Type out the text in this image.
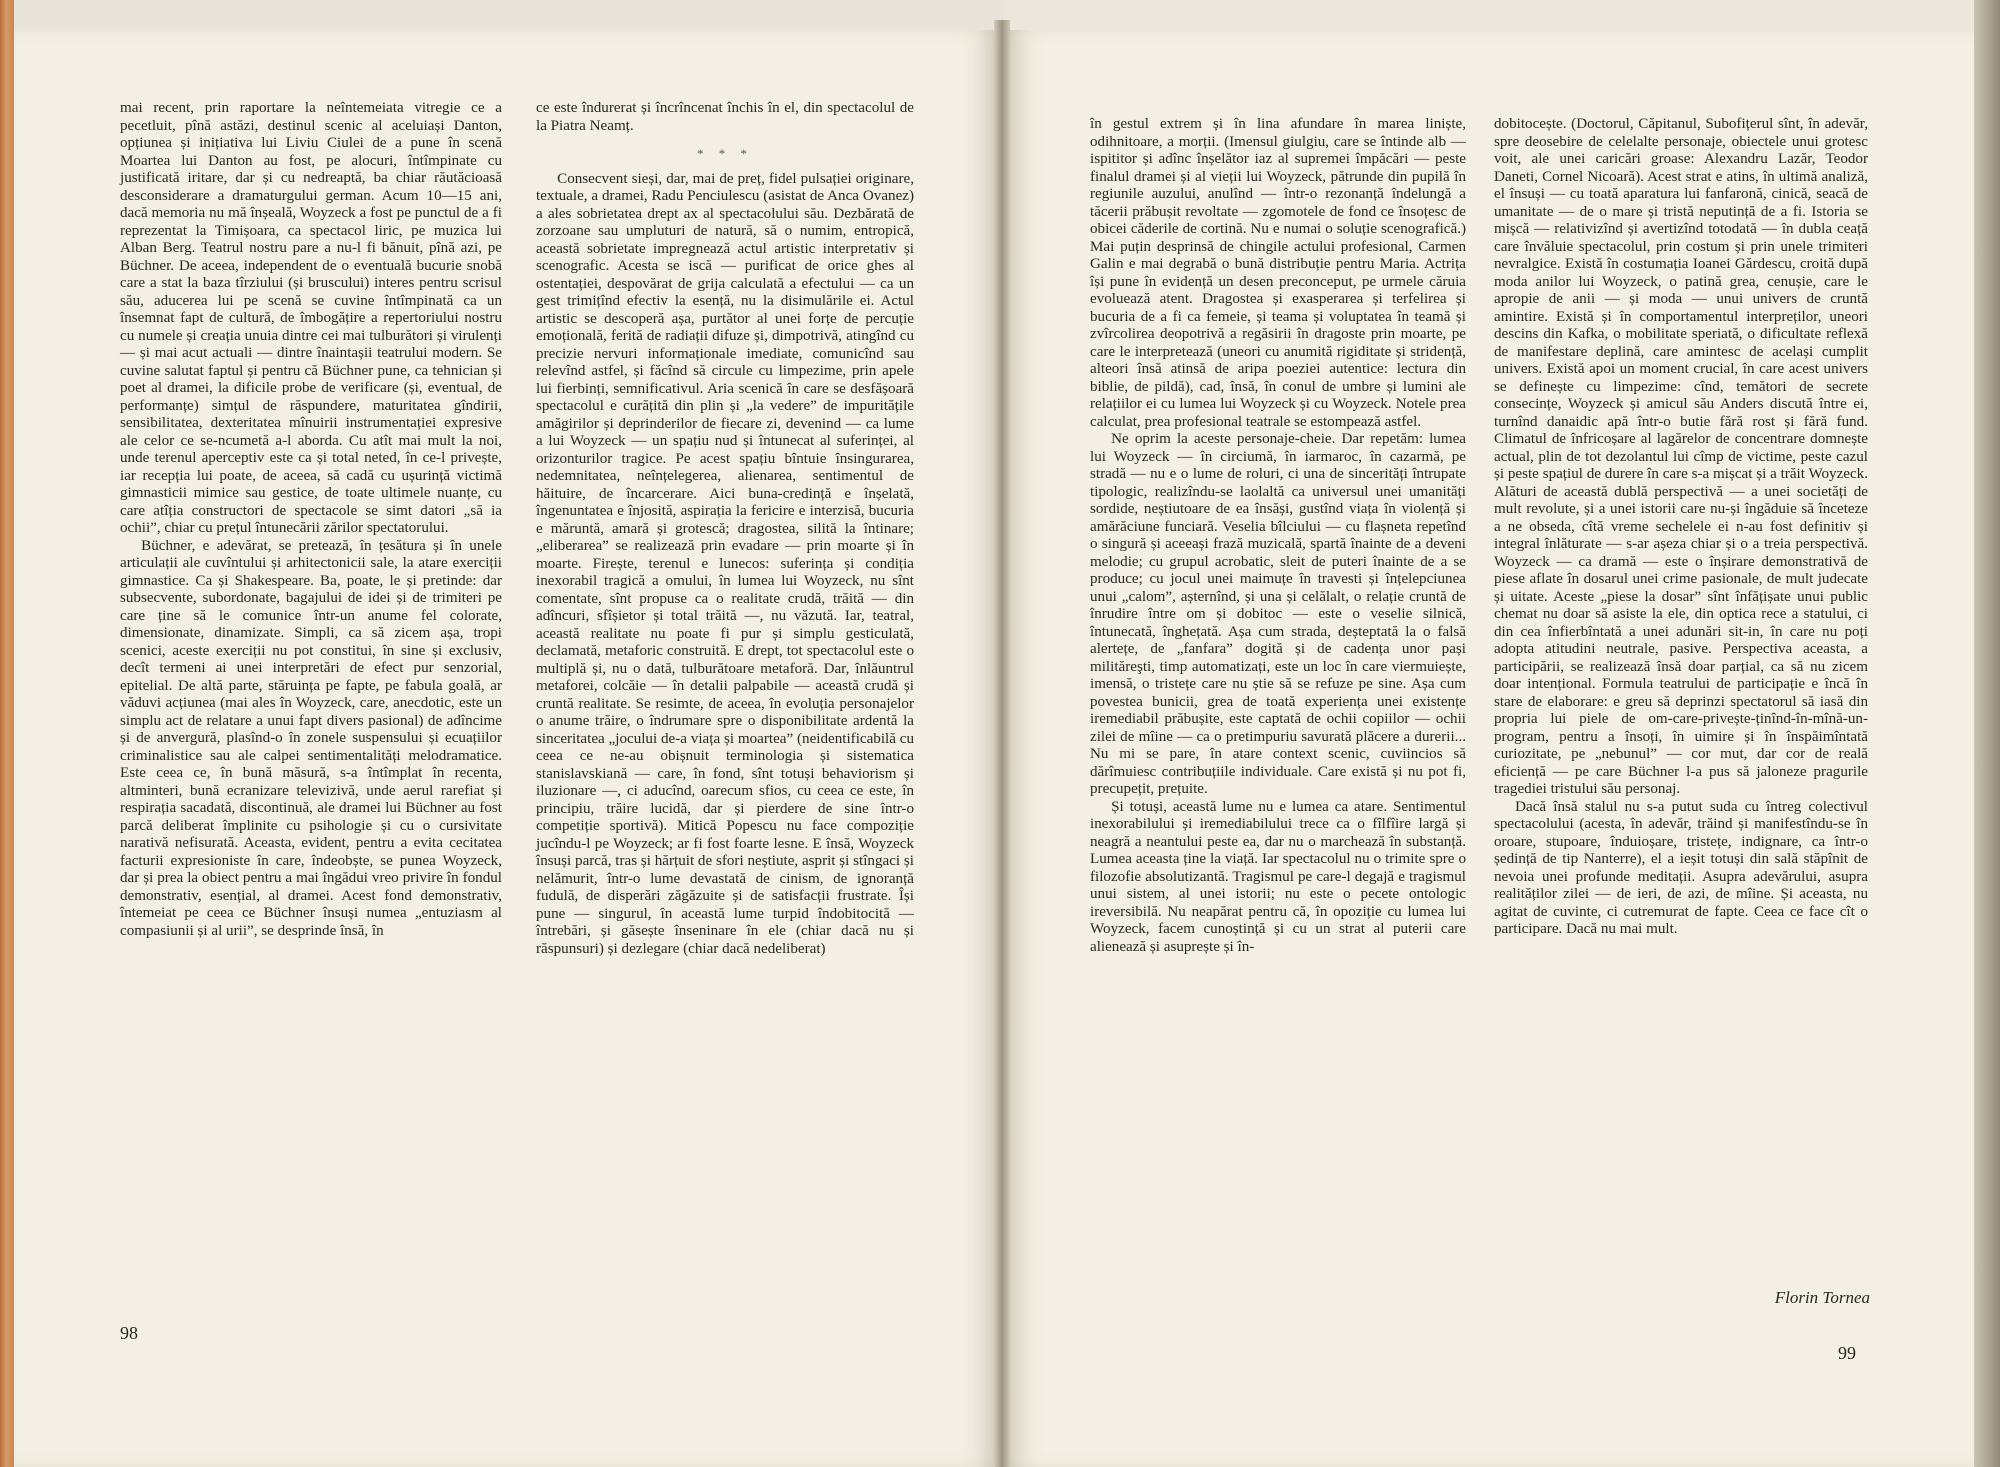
mai recent, prin raportare la neîntemeiata vitregie ce a pecetluit, pînă astăzi, destinul scenic al aceluiași Danton, opțiunea și inițiativa lui Liviu Ciulei de a pune în scenă Moartea lui Danton au fost, pe alocuri, întîmpinate cu justificată iritare, dar și cu nedreaptă, ba chiar răutăcioasă desconsiderare a dramaturgului german. Acum 10—15 ani, dacă memoria nu mă înșeală, Woyzeck a fost pe punctul de a fi reprezentat la Timișoara, ca spectacol liric, pe muzica lui Alban Berg. Teatrul nostru pare a nu-l fi bănuit, pînă azi, pe Büchner. De aceea, independent de o eventuală bucurie snobă care a stat la baza tîrziului (și bruscului) interes pentru scrisul său, aducerea lui pe scenă se cuvine întîmpinată ca un însemnat fapt de cultură, de îmbogățire a repertoriului nostru cu numele și creația unuia dintre cei mai tulburători și virulenți — și mai acut actuali — dintre înaintașii teatrului modern. Se cuvine salutat faptul și pentru că Büchner pune, ca tehnician și poet al dramei, la dificile probe de verificare (și, eventual, de performanțe) simțul de răspundere, maturitatea gîndirii, sensibilitatea, dexteritatea mînuirii instrumentației expresive ale celor ce se-ncumetă a-l aborda. Cu atît mai mult la noi, unde terenul aperceptiv este ca și total neted, în ce-l privește, iar recepția lui poate, de aceea, să cadă cu ușurință victimă gimnasticii mimice sau gestice, de toate ultimele nuanțe, cu care atîția constructori de spectacole se simt datori „să ia ochii”, chiar cu prețul întunecării zărilor spectatorului.

Büchner, e adevărat, se pretează, în țesătura și în unele articulații ale cuvîntului și arhitectonicii sale, la atare exerciții gimnastice. Ca și Shakespeare. Ba, poate, le și pretinde: dar subsecvente, subordonate, bagajului de idei și de trimiteri pe care ține să le comunice într-un anume fel colorate, dimensionate, dinamizate. Simpli, ca să zicem așa, tropi scenici, aceste exerciții nu pot constitui, în sine și exclusiv, decît termeni ai unei interpretări de efect pur senzorial, epitelial. De altă parte, stăruința pe fapte, pe fabula goală, ar văduvi acțiunea (mai ales în Woyzeck, care, anecdotic, este un simplu act de relatare a unui fapt divers pasional) de adîncime și de anvergură, plasînd-o în zonele suspensului și ecuațiilor criminalistice sau ale calpei sentimentalități melodramatice. Este ceea ce, în bună măsură, s-a întîmplat în recenta, altminteri, bună ecranizare televizivă, unde aerul rarefiat și respirația sacadată, discontinuă, ale dramei lui Büchner au fost parcă deliberat împlinite cu psihologie și cu o cursivitate narativă nefisurată. Aceasta, evident, pentru a evita cecitatea facturii expresioniste în care, îndeobște, se punea Woyzeck, dar și prea la obiect pentru a mai îngădui vreo privire în fondul demonstrativ, esențial, al dramei. Acest fond demonstrativ, întemeiat pe ceea ce Büchner însuși numea „entuziasm al compasiunii și al urii”, se desprinde însă, în

ce este îndurerat și încrîncenat închis în el, din spectacolul de la Piatra Neamț.

* * *

Consecvent sieși, dar, mai de preț, fidel pulsației originare, textuale, a dramei, Radu Penciulescu (asistat de Anca Ovanez) a ales sobrietatea drept ax al spectacolului său. Dezbărată de zorzoane sau umpluturi de natură, să o numim, entropică, această sobrietate impregnează actul artistic interpretativ și scenografic. Acesta se iscă — purificat de orice ghes al ostentației, despovărat de grija calculată a efectului — ca un gest trimițînd efectiv la esență, nu la disimulările ei. Actul artistic se descoperă așa, purtător al unei forțe de percuție emoțională, ferită de radiații difuze și, dimpotrivă, atingînd cu precizie nervuri informaționale imediate, comunicînd sau relevînd astfel, și făcînd să circule cu limpezime, prin apele lui fierbinți, semnificativul. Aria scenică în care se desfășoară spectacolul e curățită din plin și „la vedere” de impuritățile amăgirilor și deprinderilor de fiecare zi, devenind — ca lume a lui Woyzeck — un spațiu nud și întunecat al suferinței, al orizonturilor tragice. Pe acest spațiu bîntuie însingurarea, nedemnitatea, neînțelegerea, alienarea, sentimentul de hăituire, de încarcerare. Aici buna-credință e înșelată, îngenuntatea e înjosită, aspirația la fericire e interzisă, bucuria e măruntă, amară și grotescă; dragostea, silită la întinare; „eliberarea” se realizează prin evadare — prin moarte și în moarte. Firește, terenul e lunecos: suferința și condiția inexorabil tragică a omului, în lumea lui Woyzeck, nu sînt comentate, sînt propuse ca o realitate crudă, trăită — din adîncuri, sfîșietor și total trăită —, nu văzută. Iar, teatral, această realitate nu poate fi pur și simplu gesticulată, declamată, metaforic construită. E drept, tot spectacolul este o multiplă și, nu o dată, tulburătoare metaforă. Dar, înlăuntrul metaforei, colcăie — în detalii palpabile — această crudă și cruntă realitate. Se resimte, de aceea, în evoluția personajelor o anume trăire, o îndrumare spre o disponibilitate ardentă la sinceritatea „jocului de-a viața și moartea” (neidentificabilă cu ceea ce ne-au obișnuit terminologia și sistematica stanislavskiană — care, în fond, sînt totuși behaviorism și iluzionare —, ci aducînd, oarecum sfios, cu ceea ce este, în principiu, trăire lucidă, dar și pierdere de sine într-o competiție sportivă). Mitică Popescu nu face compoziție jucîndu-l pe Woyzeck; ar fi fost foarte lesne. E însă, Woyzeck însuși parcă, tras și hărțuit de sfori neștiute, asprit și stîngaci și nelămurit, într-o lume devastată de cinism, de ignoranță fudulă, de disperări zăgăzuite și de satisfacții frustrate. Își pune — singurul, în această lume turpid îndobitocită — întrebări, și găsește înseninare în ele (chiar dacă nu și răspunsuri) și dezlegare (chiar dacă nedeliberat)

98

în gestul extrem și în lina afundare în marea liniște, odihnitoare, a morții. (Imensul giulgiu, care se întinde alb — ispititor și adînc înșelător iaz al supremei împăcări — peste finalul dramei și al vieții lui Woyzeck, pătrunde din pupilă în regiunile auzului, anulînd — într-o rezonanță îndelungă a tăcerii prăbușit revoltate — zgomotele de fond ce însoțesc de obicei căderile de cortină. Nu e numai o soluție scenografică.) Mai puțin desprinsă de chingile actului profesional, Carmen Galin e mai degrabă o bună distribuție pentru Maria. Actrița își pune în evidență un desen preconceput, pe urmele căruia evoluează atent. Dragostea și exasperarea și terfelirea și bucuria de a fi ca femeie, și teama și voluptatea în teamă și zvîrcolirea deopotrivă a regăsirii în dragoste prin moarte, pe care le interpretează (uneori cu anumită rigiditate și stridență, alteori însă atinsă de aripa poeziei autentice: lectura din biblie, de pildă), cad, însă, în conul de umbre și lumini ale relațiilor ei cu lumea lui Woyzeck și cu Woyzeck. Notele prea calculat, prea profesional teatrale se estompează astfel.

Ne oprim la aceste personaje-cheie. Dar repetăm: lumea lui Woyzeck — în circiumă, în iarmaroc, în cazarmă, pe stradă — nu e o lume de roluri, ci una de sincerități întrupate tipologic, realizîndu-se laolaltă ca universul unei umanități sordide, neștiutoare de ea însăși, gustînd viața în violență și amărăciune funciară. Veselia bîlciului — cu flașneta repetînd o singură și aceeași frază muzicală, spartă înainte de a deveni melodie; cu grupul acrobatic, sleit de puteri înainte de a se produce; cu jocul unei maimuțe în travesti și înțelepciunea unui „calom”, așternînd, și una și celălalt, o relație cruntă de înrudire între om și dobitoc — este o veselie silnică, întunecată, înghețată. Așa cum strada, deșteptată la o falsă alertețe, de „fanfara” dogită și de cadența unor pași milităreşti, timp automatizați, este un loc în care viermuiește, imensă, o tristețe care nu știe să se refuze pe sine. Așa cum povestea bunicii, grea de toată experiența unei existențe iremediabil prăbușite, este captată de ochii copiilor — ochii zilei de mîine — ca o pretimpuriu savurată plăcere a durerii... Nu mi se pare, în atare context scenic, cuviincios să dărîmuiesc contribuțiile individuale. Care există și nu pot fi, precupețit, prețuite.

Și totuși, această lume nu e lumea ca atare. Sentimentul inexorabilului și iremediabilului trece ca o fîlfîire largă și neagră a neantului peste ea, dar nu o marchează în substanță. Lumea aceasta ține la viață. Iar spectacolul nu o trimite spre o filozofie absolutizantă. Tragismul pe care-l degajă e tragismul unui sistem, al unei istorii; nu este o pecete ontologic ireversibilă. Nu neapărat pentru că, în opoziție cu lumea lui Woyzeck, facem cunoștință și cu un strat al puterii care alienează și asuprește și în-

dobitocește. (Doctorul, Căpitanul, Subofițerul sînt, în adevăr, spre deosebire de celelalte personaje, obiectele unui grotesc voit, ale unei caricări groase: Alexandru Lazăr, Teodor Daneti, Cornel Nicoară). Acest strat e atins, în ultimă analiză, el însuși — cu toată aparatura lui fanfaronă, cinică, seacă de umanitate — de o mare și tristă neputință de a fi. Istoria se mișcă — relativizînd și avertizînd totodată — în dubla ceață care învăluie spectacolul, prin costum și prin unele trimiteri nevralgice. Există în costumația Ioanei Gărdescu, croită după moda anilor lui Woyzeck, o patină grea, cenușie, care le apropie de anii — și moda — unui univers de cruntă amintire. Există și în comportamentul interpreților, uneori descins din Kafka, o mobilitate speriată, o dificultate reflexă de manifestare deplină, care amintesc de același cumplit univers. Există apoi un moment crucial, în care acest univers se definește cu limpezime: cînd, temători de secrete consecințe, Woyzeck și amicul său Anders discută între ei, turnînd danaidic apă într-o butie fără rost și fără fund. Climatul de înfricoșare al lagărelor de concentrare domnește actual, plin de tot dezolantul lui cîmp de victime, peste cazul și peste spațiul de durere în care s-a mișcat și a trăit Woyzeck. Alături de această dublă perspectivă — a unei societăți de mult revolute, și a unei istorii care nu-și îngăduie să înceteze a ne obseda, cîtă vreme sechelele ei n-au fost definitiv și integral înlăturate — s-ar așeza chiar și o a treia perspectivă. Woyzeck — ca dramă — este o înșirare demonstrativă de piese aflate în dosarul unei crime pasionale, de mult judecate și uitate. Aceste „piese la dosar” sînt înfățișate unui public chemat nu doar să asiste la ele, din optica rece a statului, ci din cea înfierbîntată a unei adunări sit-in, în care nu poți adopta atitudini neutrale, pasive. Perspectiva aceasta, a participării, se realizează însă doar parțial, ca să nu zicem doar intențional. Formula teatrului de participație e încă în stare de elaborare: e greu să deprinzi spectatorul să iasă din propria lui piele de om-care-privește-ținînd-în-mînă-un-program, pentru a însoți, în uimire și în înspăimîntată curiozitate, pe „nebunul” — cor mut, dar cor de reală eficiență — pe care Büchner l-a pus să jaloneze pragurile tragediei tristului său personaj.

Dacă însă stalul nu s-a putut suda cu întreg colectivul spectacolului (acesta, în adevăr, trăind și manifestîndu-se în oroare, stupoare, înduioșare, tristețe, indignare, ca într-o ședință de tip Nanterre), el a ieșit totuși din sală stăpînit de nevoia unei profunde meditații. Asupra adevărului, asupra realităților zilei — de ieri, de azi, de mîine. Și aceasta, nu agitat de cuvinte, ci cutremurat de fapte. Ceea ce face cît o participare. Dacă nu mai mult.

Florin Tornea
99
